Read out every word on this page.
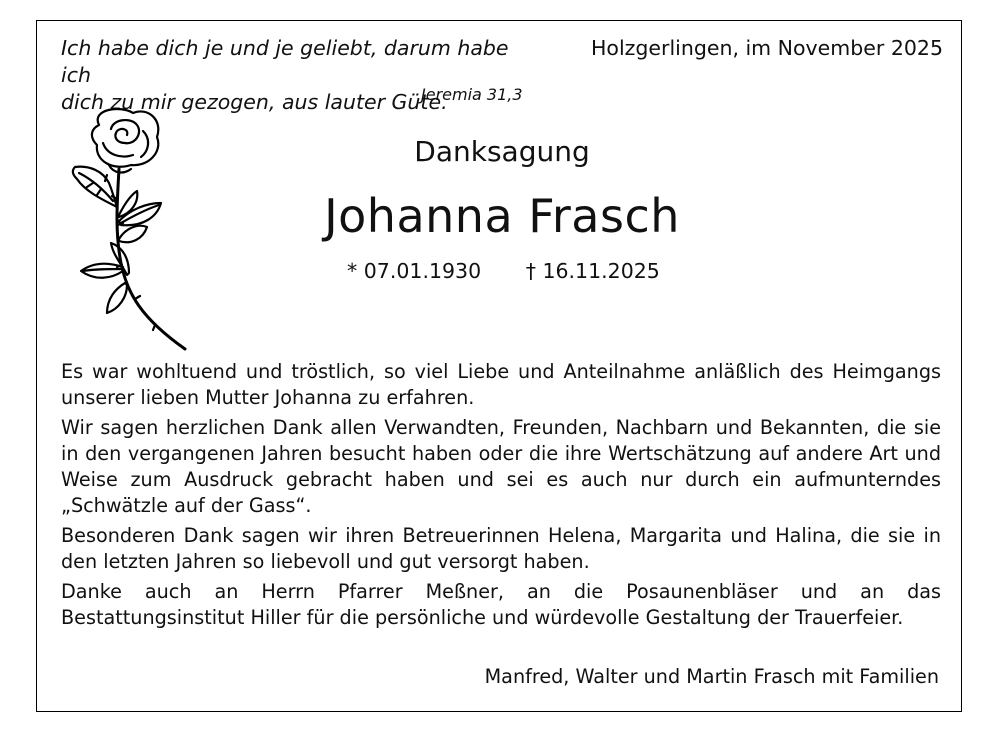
Ich habe dich je und je geliebt, darum habe ich
dich zu mir gezogen, aus lauter Güte.
Jeremia 31,3
Holzgerlingen, im November 2025
Danksagung
Johanna Frasch
* 07.01.1930 † 16.11.2025

Es war wohltuend und tröstlich, so viel Liebe und Anteilnahme anläßlich des Heimgangs unserer lieben Mutter Johanna zu erfahren.

Wir sagen herzlichen Dank allen Verwandten, Freunden, Nachbarn und Bekannten, die sie in den vergangenen Jahren besucht haben oder die ihre Wertschätzung auf andere Art und Weise zum Ausdruck gebracht haben und sei es auch nur durch ein aufmunterndes „Schwätzle auf der Gass“.

Besonderen Dank sagen wir ihren Betreuerinnen Helena, Margarita und Halina, die sie in den letzten Jahren so liebevoll und gut versorgt haben.

Danke auch an Herrn Pfarrer Meßner, an die Posaunenbläser und an das Bestattungsinstitut Hiller für die persönliche und würdevolle Gestaltung der Trauerfeier.

Manfred, Walter und Martin Frasch mit Familien
